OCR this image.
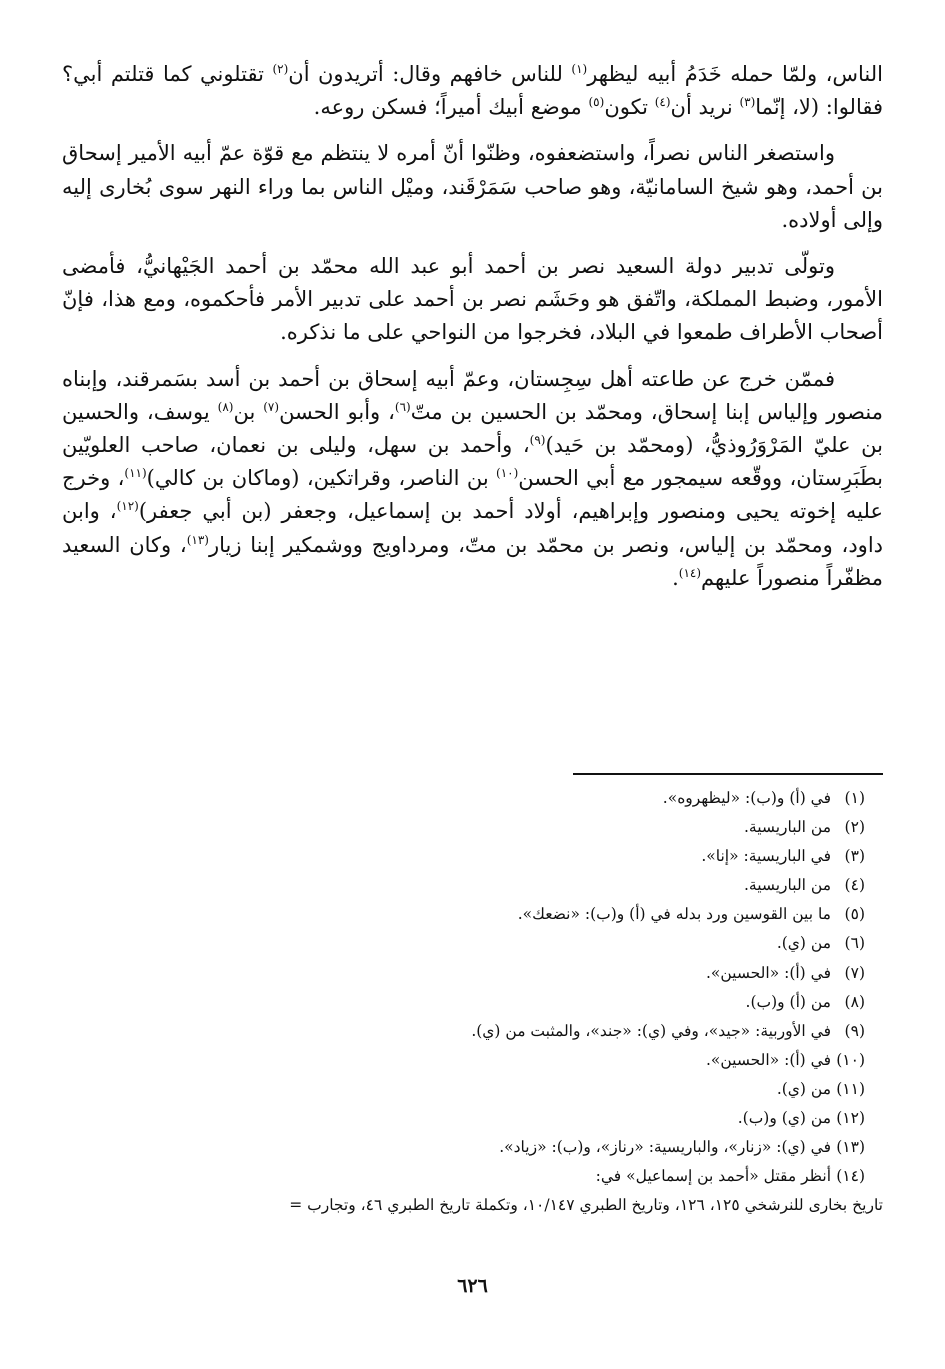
الناس، ولمّا حمله خَدَمُ أبيه ليظهر$^{(١)}$ للناس خافهم وقال: أتريدون أن$^{(٢)}$ تقتلوني كما قتلتم أبي؟ فقالوا: (لا، إنّما$^{(٣)}$ نريد أن$^{(٤)}$ تكون$^{(٥)}$ موضع أبيك أميراً؛ فسكن روعه.

واستصغر الناس نصراً، واستضعفوه، وظنّوا أنّ أمره لا ينتظم مع قوّة عمّ أبيه الأمير إسحاق بن أحمد، وهو شيخ السامانيّة، وهو صاحب سَمَرْقَند، وميْل الناس بما وراء النهر سوى بُخارى إليه وإلى أولاده.

وتولّى تدبير دولة السعيد نصر بن أحمد أبو عبد الله محمّد بن أحمد الجَيْهانيُّ، فأمضى الأمور، وضبط المملكة، واتّفق هو وحَشَم نصر بن أحمد على تدبير الأمر فأحكموه، ومع هذا، فإنّ أصحاب الأطراف طمعوا في البلاد، فخرجوا من النواحي على ما نذكره.

فممّن خرج عن طاعته أهل سِجِستان، وعمّ أبيه إسحاق بن أحمد بن أسد بسَمرقند، وإبناه منصور وإلياس إبنا إسحاق، ومحمّد بن الحسين بن متّ$^{(٦)}$، وأبو الحسن$^{(٧)}$ بن$^{(٨)}$ يوسف، والحسين بن عليّ المَرْوَرُوذيُّ، (ومحمّد بن حَيد)$^{(٩)}$، وأحمد بن سهل، وليلى بن نعمان، صاحب العلويّين بطَبَرِستان، ووقّعه سيمجور مع أبي الحسن$^{(١٠)}$ بن الناصر، وقراتكين، (وماكان بن كالي)$^{(١١)}$، وخرج عليه إخوته يحيى ومنصور وإبراهيم، أولاد أحمد بن إسماعيل، وجعفر (بن أبي جعفر)$^{(١٢)}$، وابن داود، ومحمّد بن إلياس، ونصر بن محمّد بن متّ، ومرداويج ووشمكير إبنا زيار$^{(١٣)}$، وكان السعيد مظفّراً منصوراً عليهم$^{(١٤)}$.

(١)في (أ) و(ب): «ليظهروه».
(٢)من الباريسية.
(٣)في الباريسية: «إنا».
(٤)من الباريسية.
(٥)ما بين القوسين ورد بدله في (أ) و(ب): «نضعك».
(٦)من (ي).
(٧)في (أ): «الحسين».
(٨)من (أ) و(ب).
(٩)في الأوربية: «جيد»، وفي (ي): «جند»، والمثبت من (ي).
(١٠)في (أ): «الحسين».
(١١)من (ي).
(١٢)من (ي) و(ب).
(١٣)في (ي): «زنار»، والباريسية: «رناز»، و(ب): «زياد».
(١٤)أنظر مقتل «أحمد بن إسماعيل» في:
تاريخ بخارى للنرشخي ١٢٥، ١٢٦، وتاريخ الطبري ١٠/١٤٧، وتكملة تاريخ الطبري ٤٦، وتجارب =
٦٢٦
